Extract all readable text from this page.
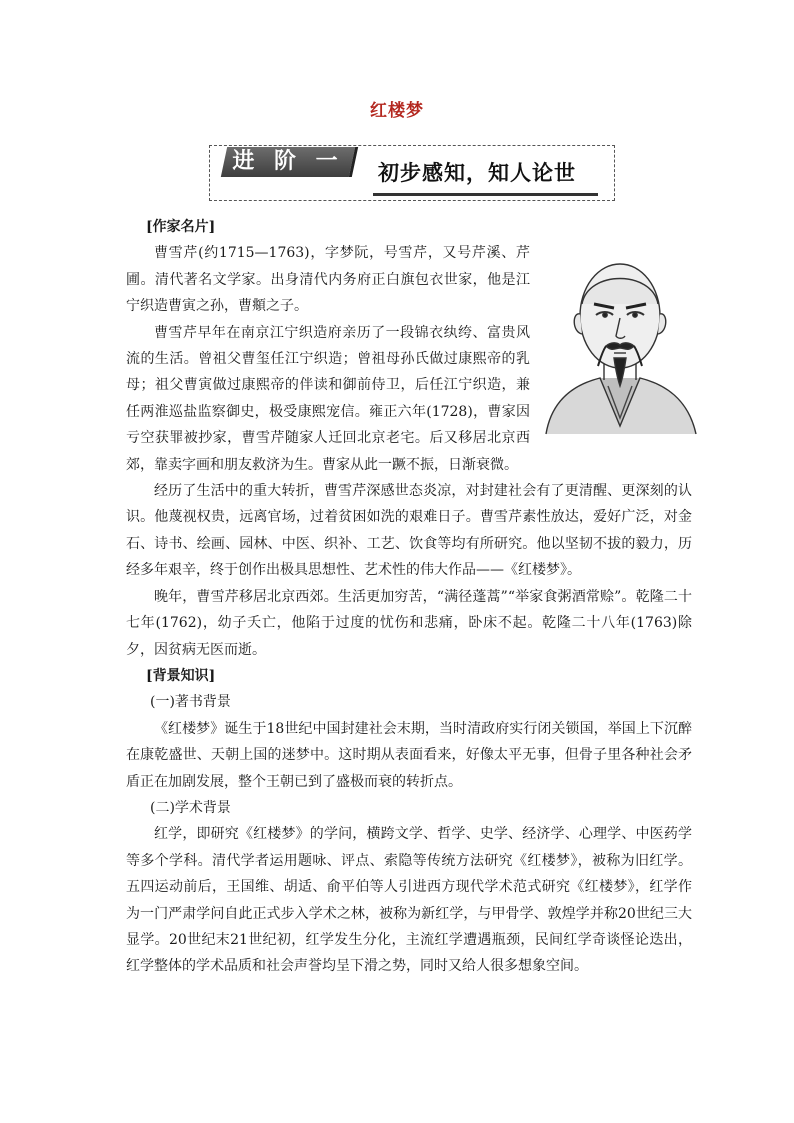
红楼梦
进 阶 一	初步感知，知人论世

[作家名片]

曹雪芹(约1715—1763)，字梦阮，号雪芹，又号芹溪、芹圃。清代著名文学家。出身清代内务府正白旗包衣世家，他是江宁织造曹寅之孙，曹頫之子。

曹雪芹早年在南京江宁织造府亲历了一段锦衣纨绔、富贵风流的生活。曾祖父曹玺任江宁织造；曾祖母孙氏做过康熙帝的乳母；祖父曹寅做过康熙帝的伴读和御前侍卫，后任江宁织造，兼任两淮巡盐监察御史，极受康熙宠信。雍正六年(1728)，曹家因亏空获罪被抄家，曹雪芹随家人迁回北京老宅。后又移居北京西郊，靠卖字画和朋友救济为生。曹家从此一蹶不振，日渐衰微。

经历了生活中的重大转折，曹雪芹深感世态炎凉，对封建社会有了更清醒、更深刻的认识。他蔑视权贵，远离官场，过着贫困如洗的艰难日子。曹雪芹素性放达，爱好广泛，对金石、诗书、绘画、园林、中医、织补、工艺、饮食等均有所研究。他以坚韧不拔的毅力，历经多年艰辛，终于创作出极具思想性、艺术性的伟大作品——《红楼梦》。

晚年，曹雪芹移居北京西郊。生活更加穷苦，“满径蓬蒿”“举家食粥酒常赊”。乾隆二十七年(1762)，幼子夭亡，他陷于过度的忧伤和悲痛，卧床不起。乾隆二十八年(1763)除夕，因贫病无医而逝。

[背景知识]

(一)著书背景

《红楼梦》诞生于18世纪中国封建社会末期，当时清政府实行闭关锁国，举国上下沉醉在康乾盛世、天朝上国的迷梦中。这时期从表面看来，好像太平无事，但骨子里各种社会矛盾正在加剧发展，整个王朝已到了盛极而衰的转折点。

(二)学术背景

红学，即研究《红楼梦》的学问，横跨文学、哲学、史学、经济学、心理学、中医药学等多个学科。清代学者运用题咏、评点、索隐等传统方法研究《红楼梦》，被称为旧红学。五四运动前后，王国维、胡适、俞平伯等人引进西方现代学术范式研究《红楼梦》，红学作为一门严肃学问自此正式步入学术之林，被称为新红学，与甲骨学、敦煌学并称20世纪三大显学。20世纪末21世纪初，红学发生分化，主流红学遭遇瓶颈，民间红学奇谈怪论迭出，红学整体的学术品质和社会声誉均呈下滑之势，同时又给人很多想象空间。
